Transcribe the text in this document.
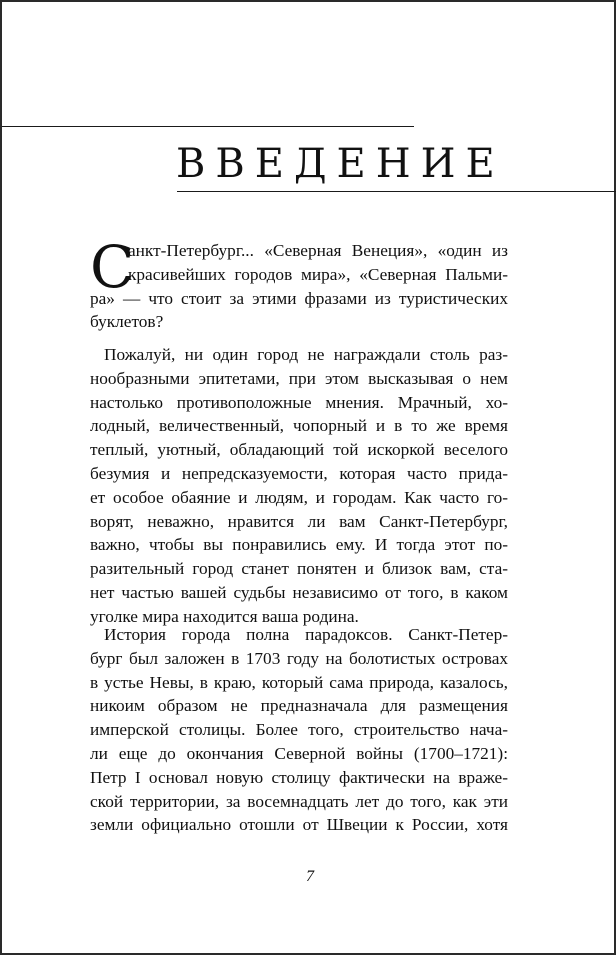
ВВЕДЕНИЕ
С
анкт-Петербург... «Северная Венеция», «один из
красивейших городов мира», «Северная Пальми-
ра» — что стоит за этими фразами из туристических
буклетов?
Пожалуй, ни один город не награждали столь раз-
нообразными эпитетами, при этом высказывая о нем
настолько противоположные мнения. Мрачный, хо-
лодный, величественный, чопорный и в то же время
теплый, уютный, обладающий той искоркой веселого
безумия и непредсказуемости, которая часто прида-
ет особое обаяние и людям, и городам. Как часто го-
ворят, неважно, нравится ли вам Санкт-Петербург,
важно, чтобы вы понравились ему. И тогда этот по-
разительный город станет понятен и близок вам, ста-
нет частью вашей судьбы независимо от того, в каком
уголке мира находится ваша родина.
История города полна парадоксов. Санкт-Петер-
бург был заложен в 1703 году на болотистых островах
в устье Невы, в краю, который сама природа, казалось,
никоим образом не предназначала для размещения
имперской столицы. Более того, строительство нача-
ли еще до окончания Северной войны (1700–1721):
Петр I основал новую столицу фактически на враже-
ской территории, за восемнадцать лет до того, как эти
земли официально отошли от Швеции к России, хотя
7
